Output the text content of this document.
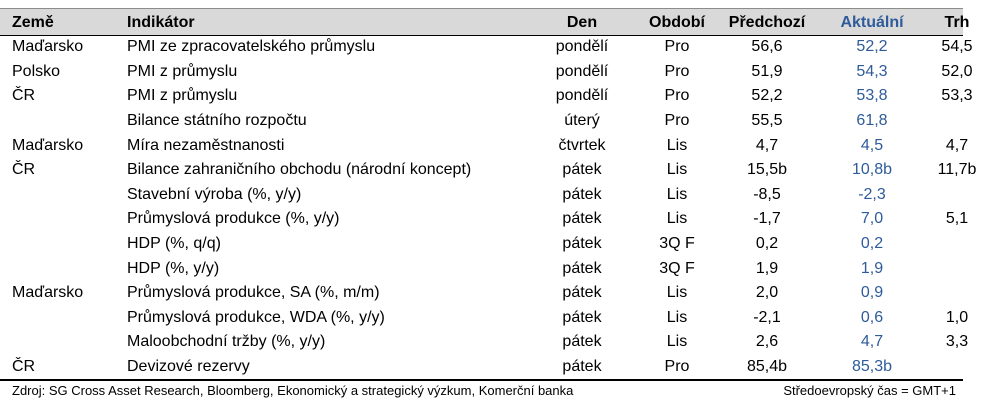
Země	Indikátor	Den	Období	Předchozí	Aktuální	Trh
Maďarsko	PMI ze zpracovatelského průmyslu	pondělí	Pro	56,6	52,2	54,5
Polsko	PMI z průmyslu	pondělí	Pro	51,9	54,3	52,0
ČR	PMI z průmyslu	pondělí	Pro	52,2	53,8	53,3
	Bilance státního rozpočtu	úterý	Pro	55,5	61,8	
Maďarsko	Míra nezaměstnanosti	čtvrtek	Lis	4,7	4,5	4,7
ČR	Bilance zahraničního obchodu (národní koncept)	pátek	Lis	15,5b	10,8b	11,7b
	Stavební výroba (%, y/y)	pátek	Lis	-8,5	-2,3	
	Průmyslová produkce (%, y/y)	pátek	Lis	-1,7	7,0	5,1
	HDP (%, q/q)	pátek	3Q F	0,2	0,2	
	HDP (%, y/y)	pátek	3Q F	1,9	1,9	
Maďarsko	Průmyslová produkce, SA (%, m/m)	pátek	Lis	2,0	0,9	
	Průmyslová produkce, WDA (%, y/y)	pátek	Lis	-2,1	0,6	1,0
	Maloobchodní tržby (%, y/y)	pátek	Lis	2,6	4,7	3,3
ČR	Devizové rezervy	pátek	Pro	85,4b	85,3b	
Zdroj: SG Cross Asset Research, Bloomberg, Ekonomický a strategický výzkum, Komerční banka	Středoevropský čas = GMT+1
